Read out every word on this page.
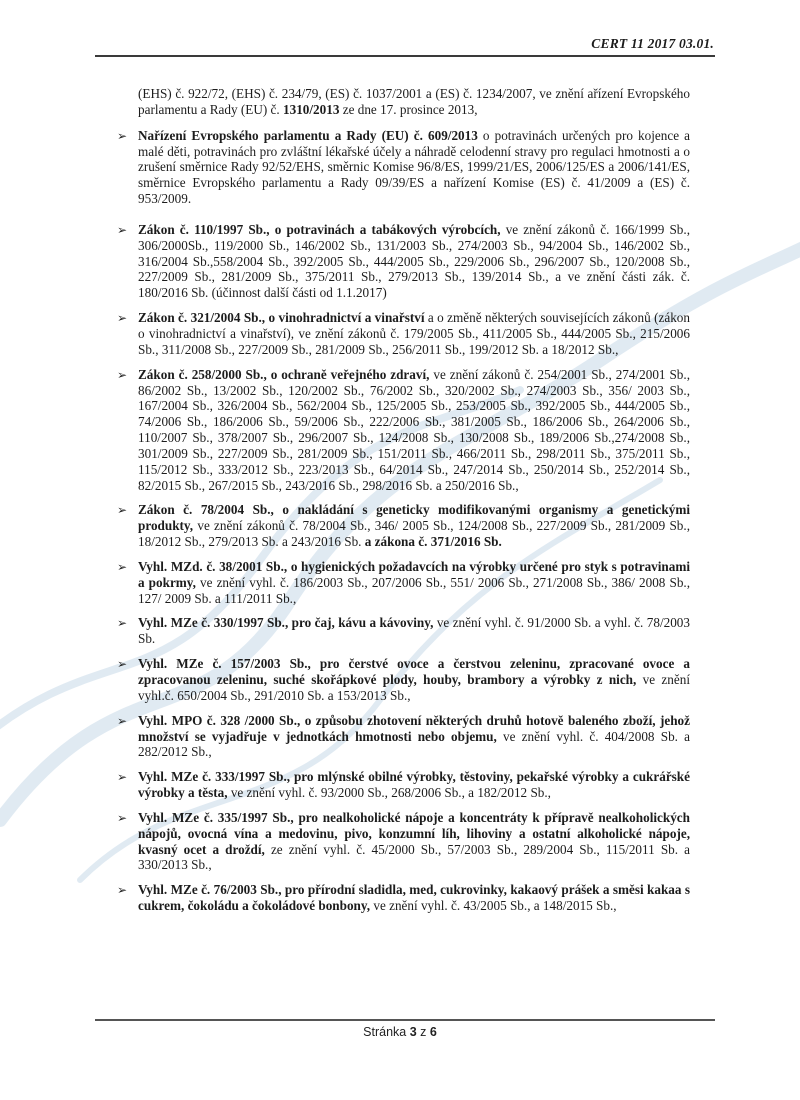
CERT 11 2017 03.01.

(EHS) č. 922/72, (EHS) č. 234/79, (ES) č. 1037/2001 a (ES) č. 1234/2007, ve znění ařízení Evropského parlamentu a Rady (EU) č. 1310/2013 ze dne 17. prosince 2013,

➢ Nařízení Evropského parlamentu a Rady (EU) č. 609/2013 o potravinách určených pro kojence a malé děti, potravinách pro zvláštní lékařské účely a náhradě celodenní stravy pro regulaci hmotnosti a o zrušení směrnice Rady 92/52/EHS, směrnic Komise 96/8/ES, 1999/21/ES, 2006/125/ES a 2006/141/ES, směrnice Evropského parlamentu a Rady 09/39/ES a nařízení Komise (ES) č. 41/2009 a (ES) č. 953/2009.
➢ Zákon č. 110/1997 Sb., o potravinách a tabákových výrobcích, ve znění zákonů č. 166/1999 Sb., 306/2000Sb., 119/2000 Sb., 146/2002 Sb., 131/2003 Sb., 274/2003 Sb., 94/2004 Sb., 146/2002 Sb., 316/2004 Sb.,558/2004 Sb., 392/2005 Sb., 444/2005 Sb., 229/2006 Sb., 296/2007 Sb., 120/2008 Sb., 227/2009 Sb., 281/2009 Sb., 375/2011 Sb., 279/2013 Sb., 139/2014 Sb., a ve znění části zák. č. 180/2016 Sb. (účinnost další části od 1.1.2017)
➢ Zákon č. 321/2004 Sb., o vinohradnictví a vinařství a o změně některých souvisejících zákonů (zákon o vinohradnictví a vinařství), ve znění zákonů č. 179/2005 Sb., 411/2005 Sb., 444/2005 Sb., 215/2006 Sb., 311/2008 Sb., 227/2009 Sb., 281/2009 Sb., 256/2011 Sb., 199/2012 Sb. a 18/2012 Sb.,
➢ Zákon č. 258/2000 Sb., o ochraně veřejného zdraví, ve znění zákonů č. 254/2001 Sb., 274/2001 Sb., 86/2002 Sb., 13/2002 Sb., 120/2002 Sb., 76/2002 Sb., 320/2002 Sb., 274/2003 Sb., 356/ 2003 Sb., 167/2004 Sb., 326/2004 Sb., 562/2004 Sb., 125/2005 Sb., 253/2005 Sb., 392/2005 Sb., 444/2005 Sb., 74/2006 Sb., 186/2006 Sb., 59/2006 Sb., 222/2006 Sb., 381/2005 Sb., 186/2006 Sb., 264/2006 Sb., 110/2007 Sb., 378/2007 Sb., 296/2007 Sb., 124/2008 Sb., 130/2008 Sb., 189/2006 Sb.,274/2008 Sb., 301/2009 Sb., 227/2009 Sb., 281/2009 Sb., 151/2011 Sb., 466/2011 Sb., 298/2011 Sb., 375/2011 Sb., 115/2012 Sb., 333/2012 Sb., 223/2013 Sb., 64/2014 Sb., 247/2014 Sb., 250/2014 Sb., 252/2014 Sb., 82/2015 Sb., 267/2015 Sb., 243/2016 Sb., 298/2016 Sb. a 250/2016 Sb.,
➢ Zákon č. 78/2004 Sb., o nakládání s geneticky modifikovanými organismy a genetickými produkty, ve znění zákonů č. 78/2004 Sb., 346/ 2005 Sb., 124/2008 Sb., 227/2009 Sb., 281/2009 Sb., 18/2012 Sb., 279/2013 Sb. a 243/2016 Sb. a zákona č. 371/2016 Sb.
➢ Vyhl. MZd. č. 38/2001 Sb., o hygienických požadavcích na výrobky určené pro styk s potravinami a pokrmy, ve znění vyhl. č. 186/2003 Sb., 207/2006 Sb., 551/ 2006 Sb., 271/2008 Sb., 386/ 2008 Sb., 127/ 2009 Sb. a 111/2011 Sb.,
➢ Vyhl. MZe č. 330/1997 Sb., pro čaj, kávu a kávoviny, ve znění vyhl. č. 91/2000 Sb. a vyhl. č. 78/2003 Sb.
➢ Vyhl. MZe č. 157/2003 Sb., pro čerstvé ovoce a čerstvou zeleninu, zpracované ovoce a zpracovanou zeleninu, suché skořápkové plody, houby, brambory a výrobky z nich, ve znění vyhl.č. 650/2004 Sb., 291/2010 Sb. a 153/2013 Sb.,
➢ Vyhl. MPO č. 328 /2000 Sb., o způsobu zhotovení některých druhů hotově baleného zboží, jehož množství se vyjadřuje v jednotkách hmotnosti nebo objemu, ve znění vyhl. č. 404/2008 Sb. a 282/2012 Sb.,
➢ Vyhl. MZe č. 333/1997 Sb., pro mlýnské obilné výrobky, těstoviny, pekařské výrobky a cukrářské výrobky a těsta, ve znění vyhl. č. 93/2000 Sb., 268/2006 Sb., a 182/2012 Sb.,
➢ Vyhl. MZe č. 335/1997 Sb., pro nealkoholické nápoje a koncentráty k přípravě nealkoholických nápojů, ovocná vína a medovinu, pivo, konzumní líh, lihoviny a ostatní alkoholické nápoje, kvasný ocet a droždí, ze znění vyhl. č. 45/2000 Sb., 57/2003 Sb., 289/2004 Sb., 115/2011 Sb. a 330/2013 Sb.,
➢ Vyhl. MZe č. 76/2003 Sb., pro přírodní sladidla, med, cukrovinky, kakaový prášek a směsi kakaa s cukrem, čokoládu a čokoládové bonbony, ve znění vyhl. č. 43/2005 Sb., a 148/2015 Sb.,
Stránka 3 z 6
